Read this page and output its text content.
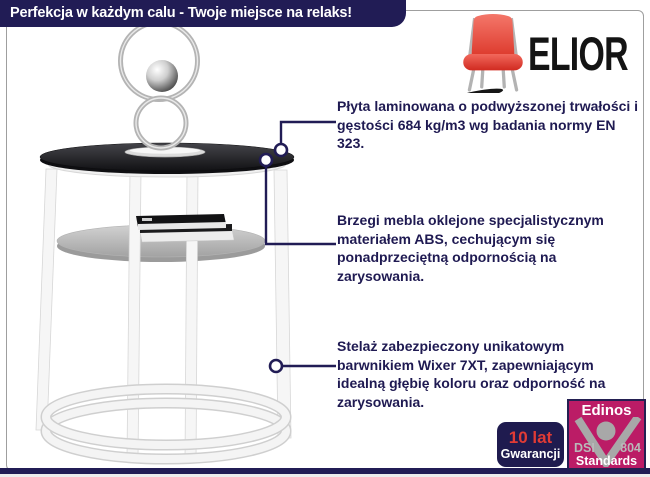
Perfekcja w każdym calu - Twoje miejsce na relaks!
ELIOR
Płyta laminowana o podwyższonej trwałości i gęstości 684 kg/m3 wg badania normy EN 323.
Brzegi mebla oklejone specjalistycznym materiałem ABS, cechującym się ponadprzeciętną odpornością na zarysowania.
Stelaż zabezpieczony unikatowym barwnikiem Wixer 7XT, zapewniającym idealną głębię koloru oraz odporność na zarysowania.
10 lat
Gwarancji
Edinos
DSI 804
Standards
